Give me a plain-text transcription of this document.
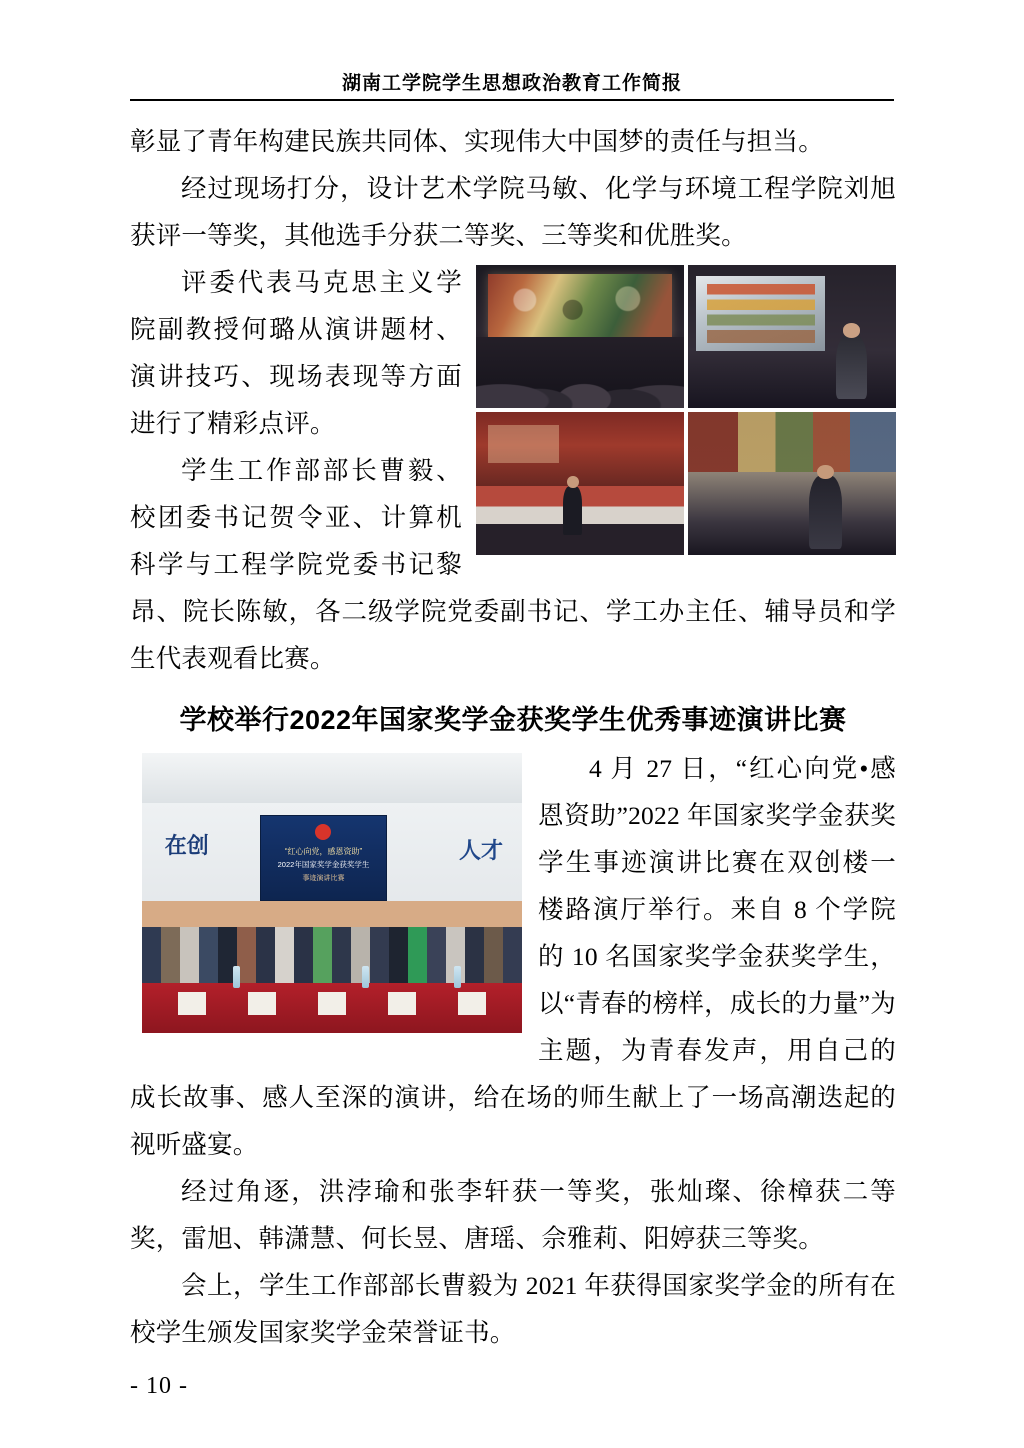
湖南工学院学生思想政治教育工作简报

彰显了青年构建民族共同体、实现伟大中国梦的责任与担当。

经过现场打分，设计艺术学院马敏、化学与环境工程学院刘旭获评一等奖，其他选手分获二等奖、三等奖和优胜奖。

评委代表马克思主义学院副教授何璐从演讲题材、演讲技巧、现场表现等方面进行了精彩点评。

学生工作部部长曹毅、校团委书记贺令亚、计算机科学与工程学院党委书记黎昂、院长陈敏，各二级学院党委副书记、学工办主任、辅导员和学生代表观看比赛。

学校举行2022年国家奖学金获奖学生优秀事迹演讲比赛
在创	人才
“红心向党，感恩资助”
2022年国家奖学金获奖学生
事迹演讲比赛

4 月 27 日，“红心向党•感恩资助”2022 年国家奖学金获奖学生事迹演讲比赛在双创楼一楼路演厅举行。来自 8 个学院的 10 名国家奖学金获奖学生，以“青春的榜样，成长的力量”为主题，为青春发声，用自己的成长故事、感人至深的演讲，给在场的师生献上了一场高潮迭起的视听盛宴。

经过角逐，洪浡瑜和张李轩获一等奖，张灿璨、徐樟获二等奖，雷旭、韩潇慧、何长昱、唐瑶、佘雅莉、阳婷获三等奖。

会上，学生工作部部长曹毅为 2021 年获得国家奖学金的所有在校学生颁发国家奖学金荣誉证书。

- 10 -
